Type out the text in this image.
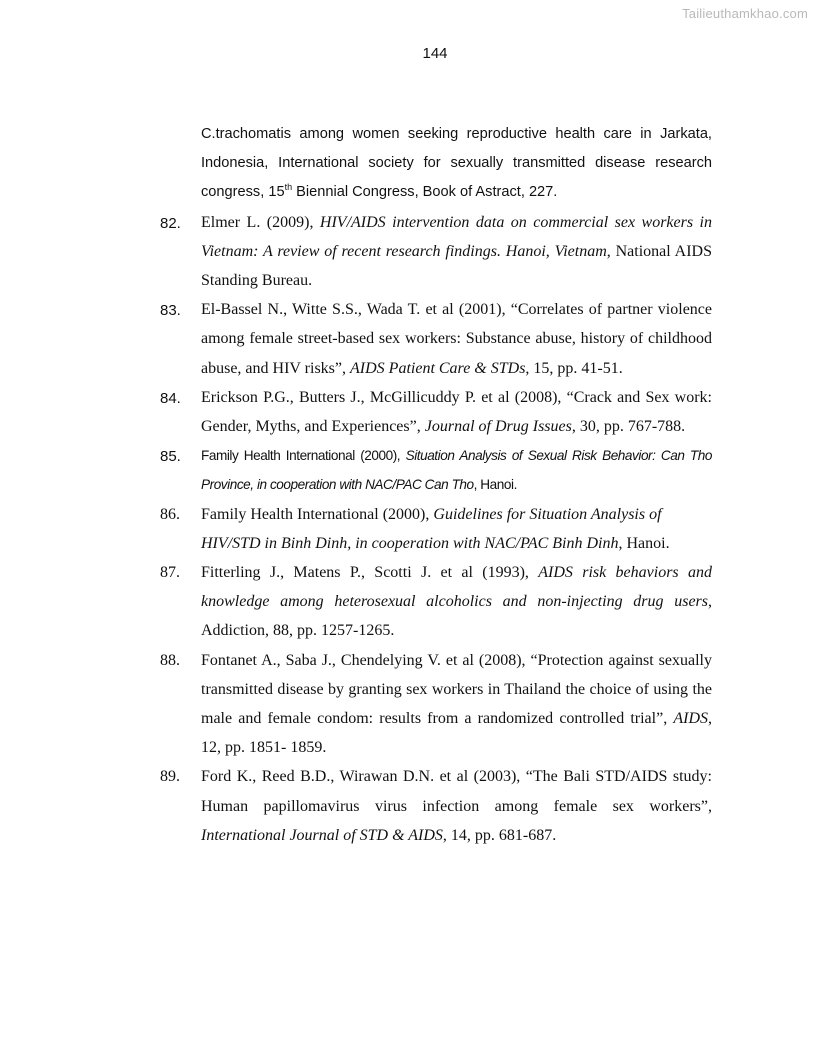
Tailieuthamkhao.com
144

C.trachomatis among women seeking reproductive health care in Jarkata, Indonesia, International society for sexually transmitted disease research congress, 15th Biennial Congress, Book of Astract, 227.

82. Elmer L. (2009), HIV/AIDS intervention data on commercial sex workers in Vietnam: A review of recent research findings. Hanoi, Vietnam, National AIDS Standing Bureau.

83. El-Bassel N., Witte S.S., Wada T. et al (2001), “Correlates of partner violence among female street-based sex workers: Substance abuse, history of childhood abuse, and HIV risks”, AIDS Patient Care & STDs, 15, pp. 41-51.

84. Erickson P.G., Butters J., McGillicuddy P. et al (2008), “Crack and Sex work: Gender, Myths, and Experiences”, Journal of Drug Issues, 30, pp. 767-788.

85. Family Health International (2000), Situation Analysis of Sexual Risk Behavior: Can Tho Province, in cooperation with NAC/PAC Can Tho, Hanoi.

86. Family Health International (2000), Guidelines for Situation Analysis of HIV/STD in Binh Dinh, in cooperation with NAC/PAC Binh Dinh, Hanoi.

87. Fitterling J., Matens P., Scotti J. et al (1993), AIDS risk behaviors and knowledge among heterosexual alcoholics and non-injecting drug users, Addiction, 88, pp. 1257-1265.

88. Fontanet A., Saba J., Chendelying V. et al (2008), “Protection against sexually transmitted disease by granting sex workers in Thailand the choice of using the male and female condom: results from a randomized controlled trial”, AIDS, 12, pp. 1851- 1859.

89. Ford K., Reed B.D., Wirawan D.N. et al (2003), “The Bali STD/AIDS study: Human papillomavirus virus infection among female sex workers”, International Journal of STD & AIDS, 14, pp. 681-687.
